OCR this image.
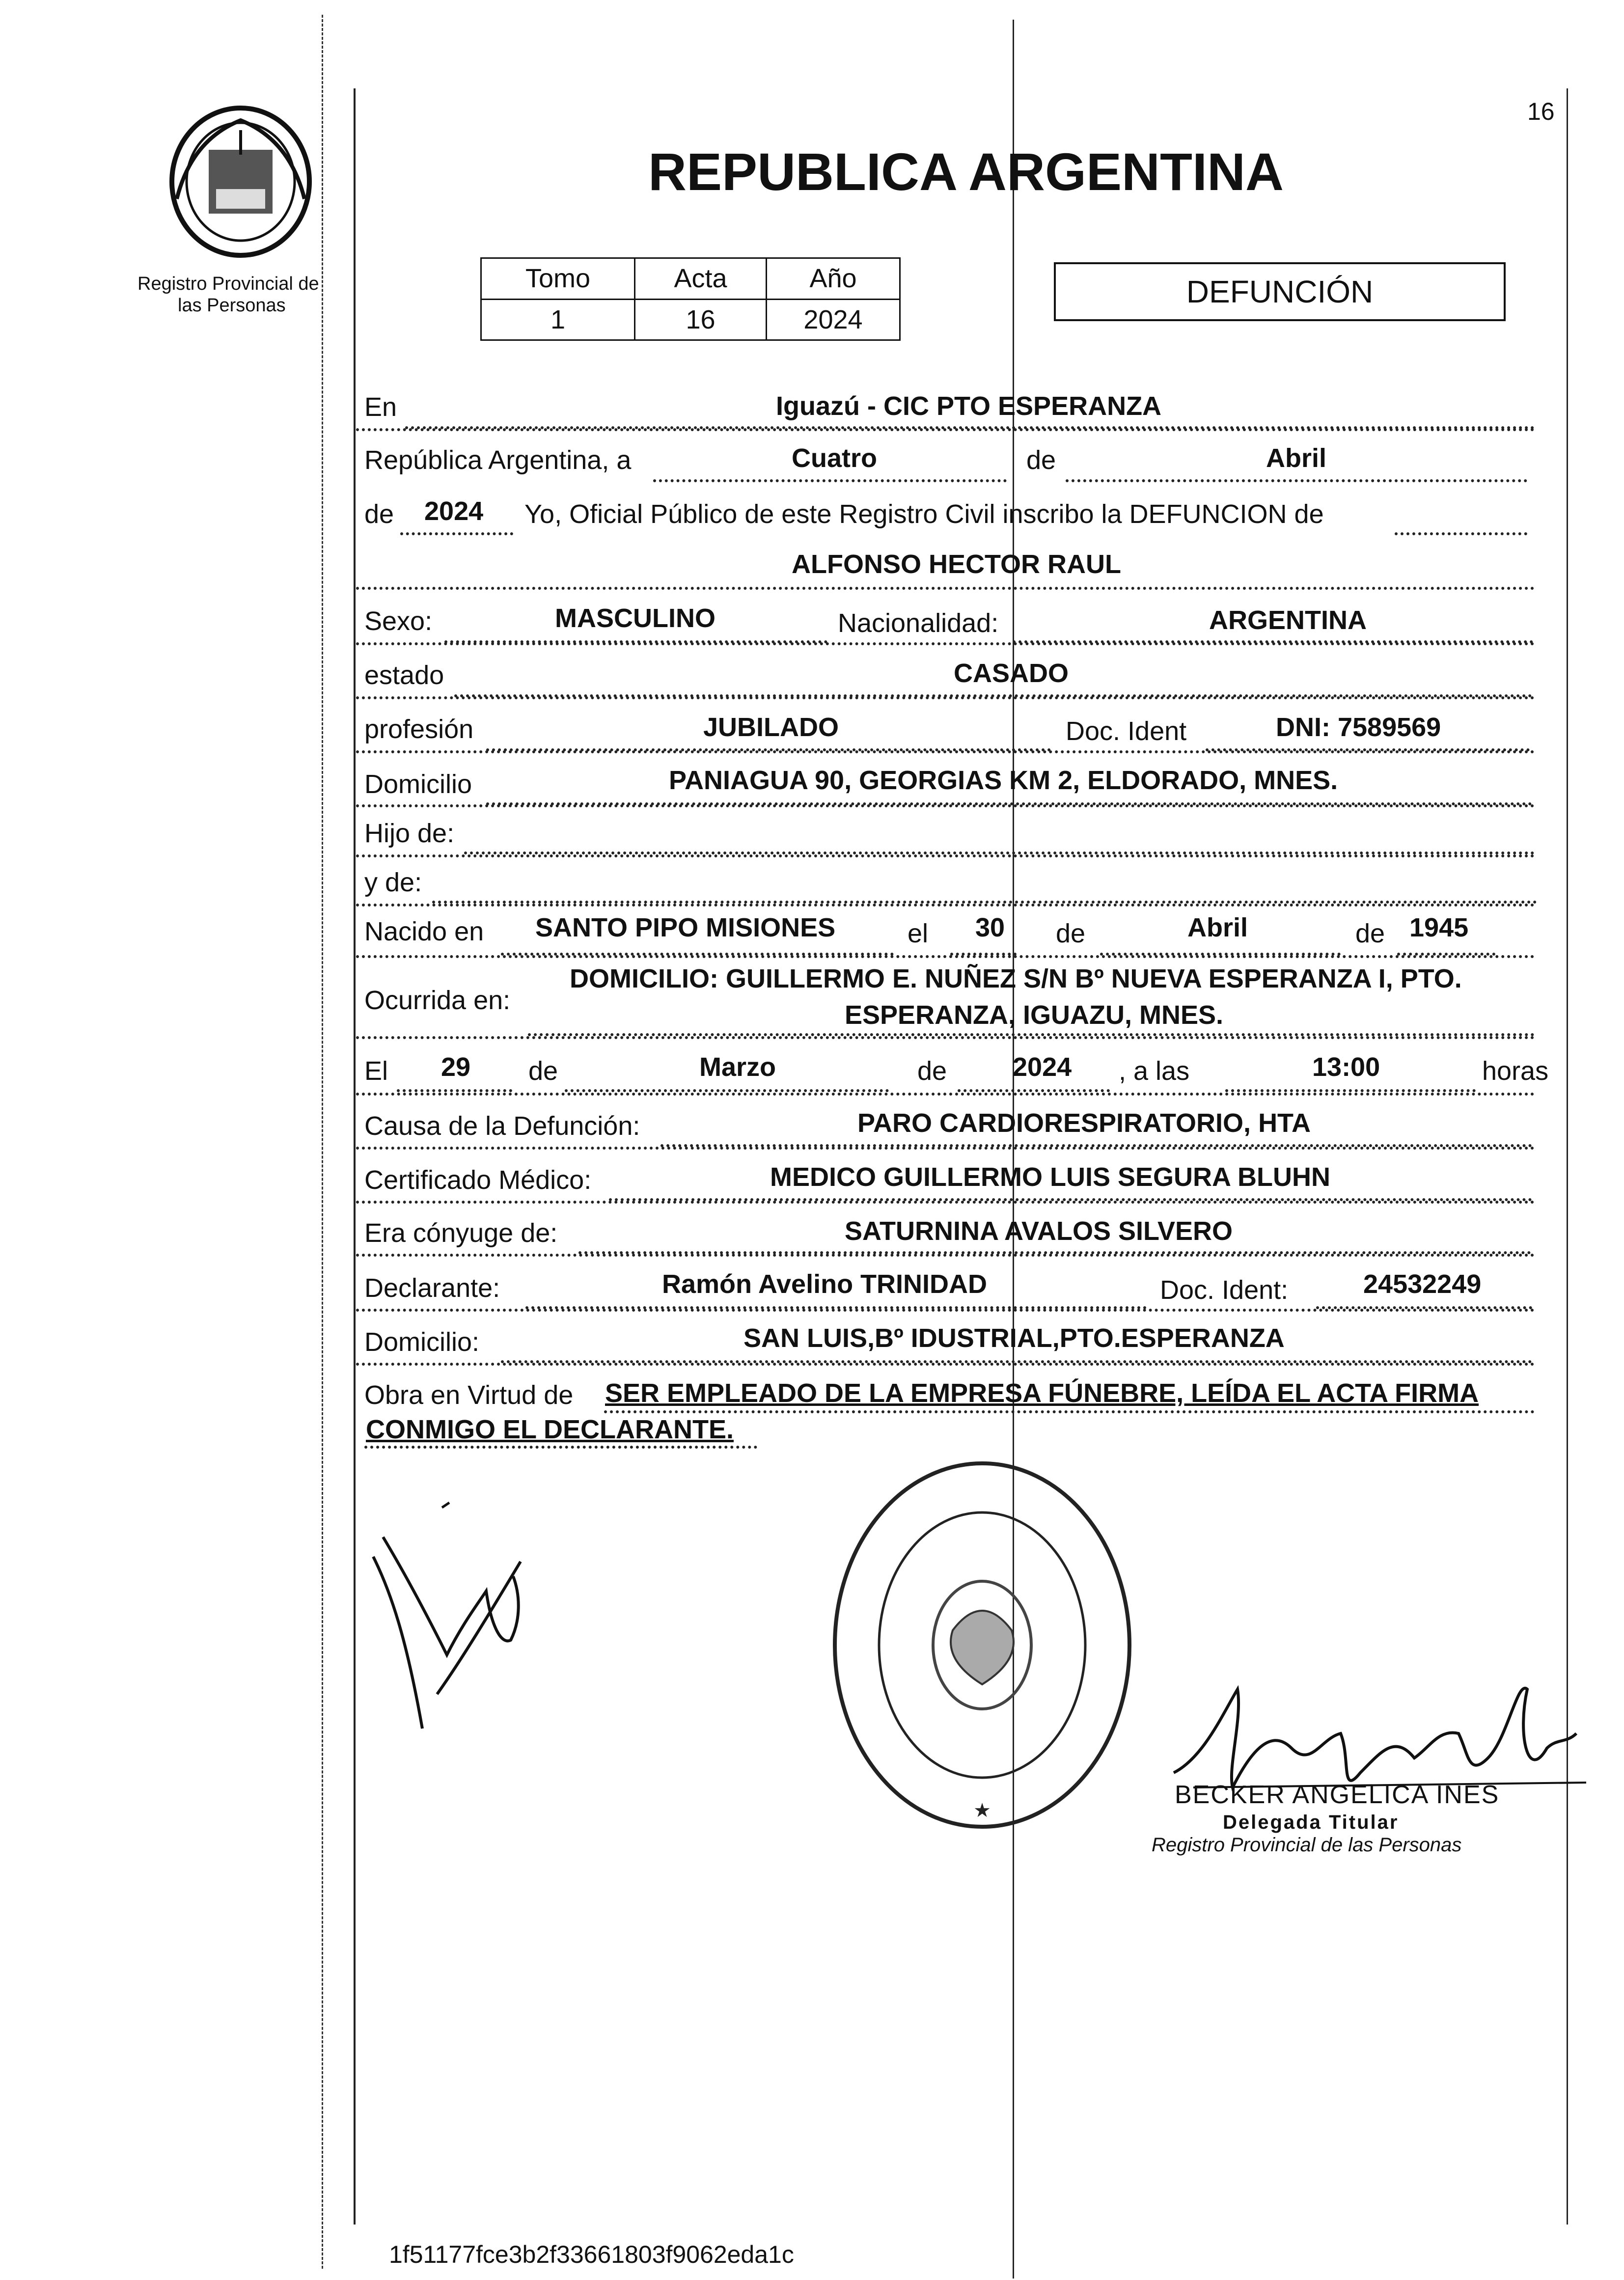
Registro Provincial de
las Personas
16
REPUBLICA ARGENTINA
Tomo	Acta	Año
1	16	2024
DEFUNCIÓN
En	Iguazú - CIC PTO ESPERANZA
República Argentina, a	Cuatro	de	Abril
de 2024 Yo, Oficial Público de este Registro Civil inscribo la DEFUNCION de
ALFONSO HECTOR RAUL
Sexo:	MASCULINO	Nacionalidad:	ARGENTINA
estado	CASADO
profesión	JUBILADO	Doc. Ident	DNI: 7589569
Domicilio	PANIAGUA 90, GEORGIAS KM 2, ELDORADO, MNES.
Hijo de:
y de:
Nacido en SANTO PIPO MISIONES	el 30 de	Abril	de 1945
Ocurrida en:
DOMICILIO: GUILLERMO E. NUÑEZ S/N Bº NUEVA ESPERANZA I, PTO.
ESPERANZA, IGUAZU, MNES.
El 29 de	Marzo	de 2024 , a las	13:00	horas
Causa de la Defunción:	PARO CARDIORESPIRATORIO, HTA
Certificado Médico:	MEDICO GUILLERMO LUIS SEGURA BLUHN
Era cónyuge de:	SATURNINA AVALOS SILVERO
Declarante:	Ramón Avelino TRINIDAD	Doc. Ident:	24532249
Domicilio:	SAN LUIS,Bº IDUSTRIAL,PTO.ESPERANZA
Obra en Virtud de SER EMPLEADO DE LA EMPRESA FÚNEBRE, LEÍDA EL ACTA FIRMA
CONMIGO EL DECLARANTE.
★
BECKER ANGELICA INES
Delegada Titular
Registro Provincial de las Personas
1f51177fce3b2f33661803f9062eda1c
